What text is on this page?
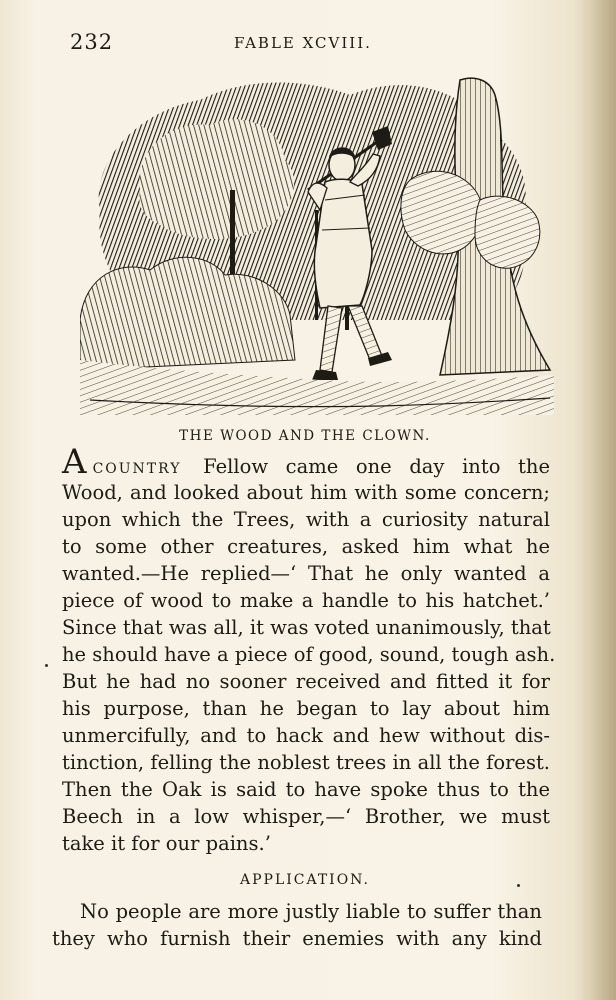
232	FABLE XCVIII.
THE WOOD AND THE CLOWN.
ACOUNTRY Fellow came one day into the
Wood, and looked about him with some concern;
upon which the Trees, with a curiosity natural
to some other creatures, asked him what he
wanted.—He replied—‘ That he only wanted a
piece of wood to make a handle to his hatchet.’
Since that was all, it was voted unanimously, that
he should have a piece of good, sound, tough ash.
But he had no sooner received and fitted it for
his purpose, than he began to lay about him
unmercifully, and to hack and hew without dis-
tinction, felling the noblest trees in all the forest.
Then the Oak is said to have spoke thus to the
Beech in a low whisper,—‘ Brother, we must
take it for our pains.’
APPLICATION.
No people are more justly liable to suffer than
they who furnish their enemies with any kind
